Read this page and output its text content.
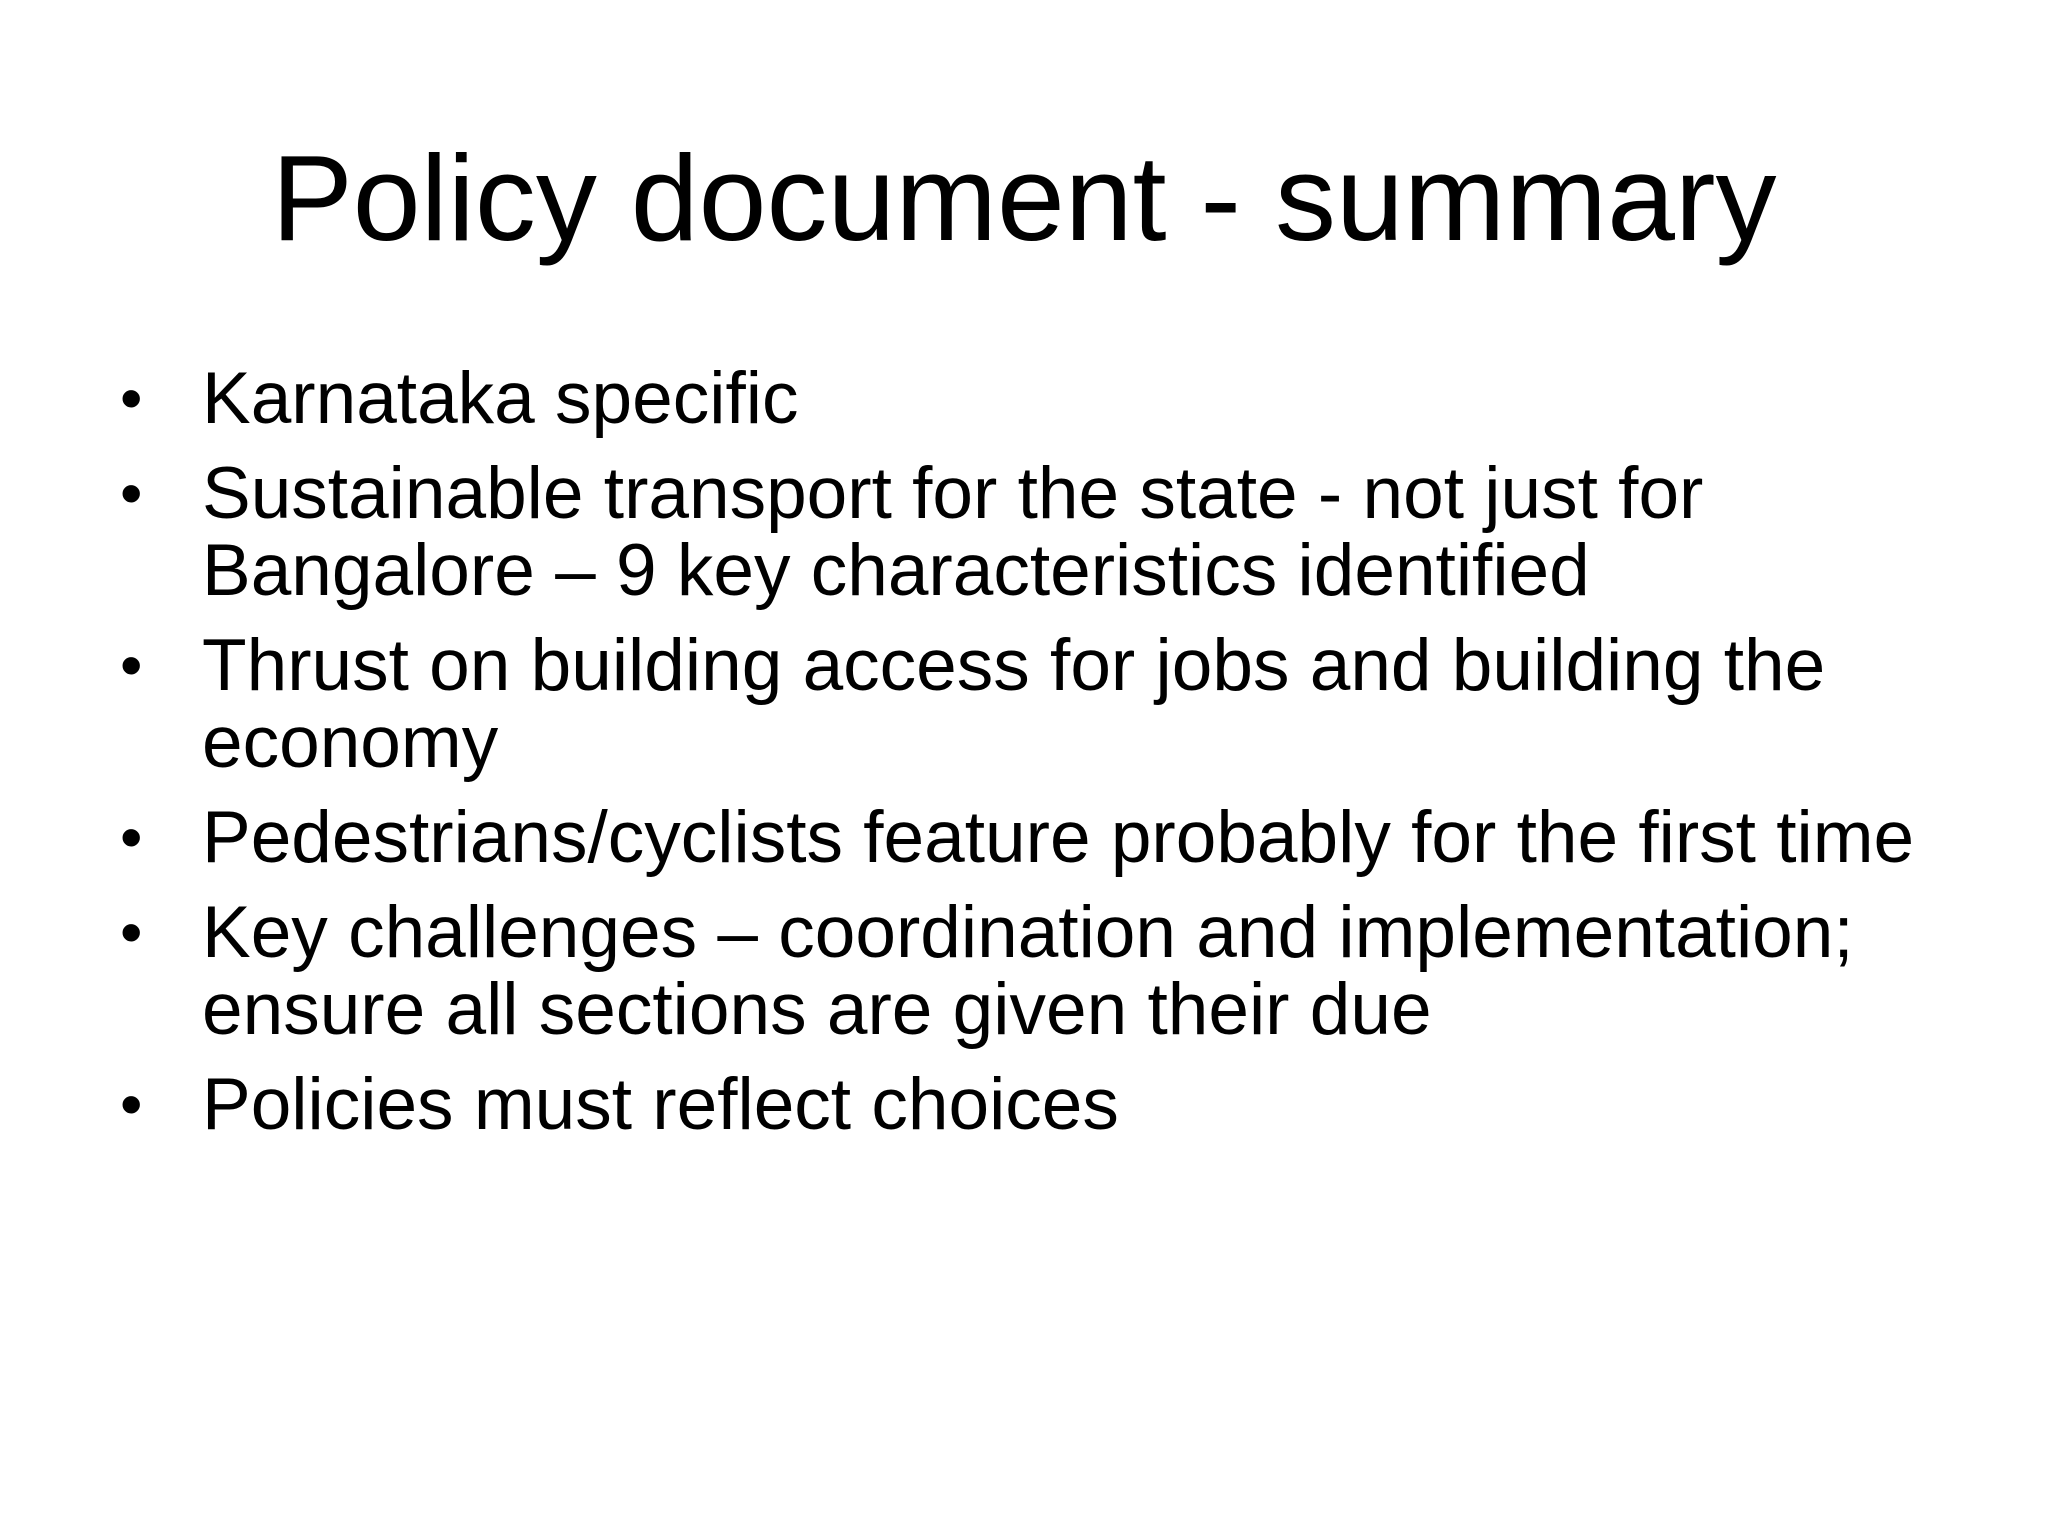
Policy document - summary
• Karnataka specific
• Sustainable transport for the state - not just for Bangalore – 9 key characteristics identified
• Thrust on building access for jobs and building the economy
• Pedestrians/cyclists feature probably for the first time
• Key challenges – coordination and implementation; ensure all sections are given their due
• Policies must reflect choices
